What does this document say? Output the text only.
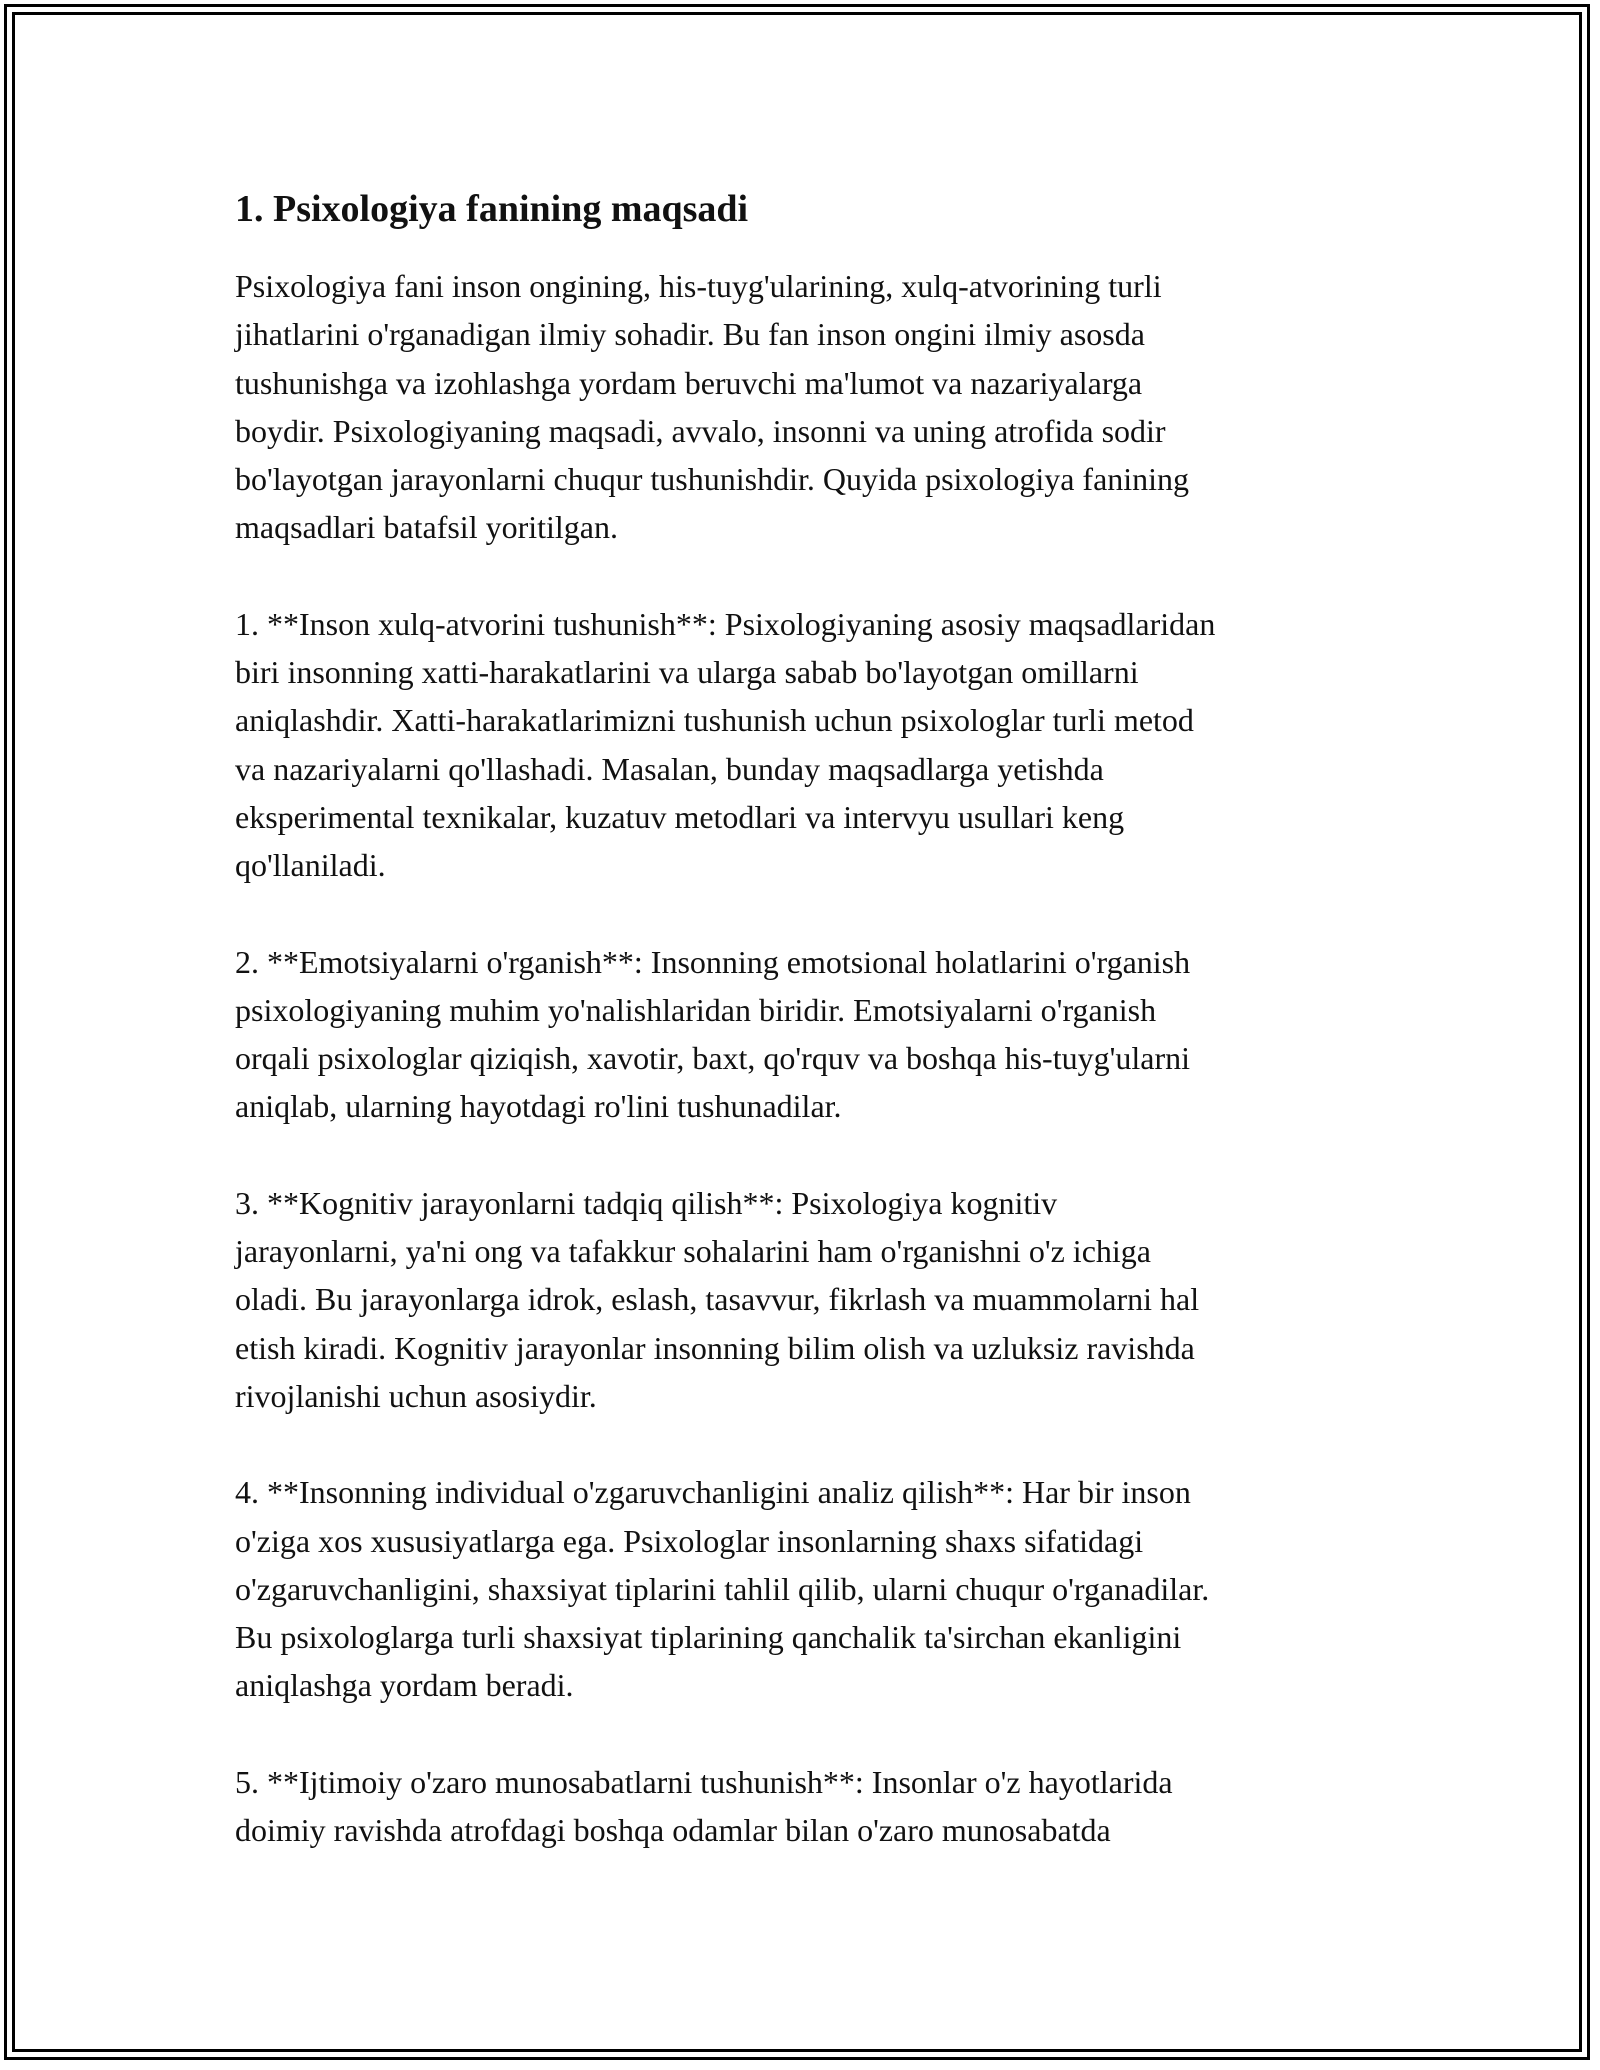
1. Psixologiya fanining maqsadi

Psixologiya fani inson ongining, his-tuyg'ularining, xulq-atvorining turli
jihatlarini o'rganadigan ilmiy sohadir. Bu fan inson ongini ilmiy asosda
tushunishga va izohlashga yordam beruvchi ma'lumot va nazariyalarga
boydir. Psixologiyaning maqsadi, avvalo, insonni va uning atrofida sodir
bo'layotgan jarayonlarni chuqur tushunishdir. Quyida psixologiya fanining
maqsadlari batafsil yoritilgan.

1. **Inson xulq-atvorini tushunish**: Psixologiyaning asosiy maqsadlaridan
biri insonning xatti-harakatlarini va ularga sabab bo'layotgan omillarni
aniqlashdir. Xatti-harakatlarimizni tushunish uchun psixologlar turli metod
va nazariyalarni qo'llashadi. Masalan, bunday maqsadlarga yetishda
eksperimental texnikalar, kuzatuv metodlari va intervyu usullari keng
qo'llaniladi.

2. **Emotsiyalarni o'rganish**: Insonning emotsional holatlarini o'rganish
psixologiyaning muhim yo'nalishlaridan biridir. Emotsiyalarni o'rganish
orqali psixologlar qiziqish, xavotir, baxt, qo'rquv va boshqa his-tuyg'ularni
aniqlab, ularning hayotdagi ro'lini tushunadilar.

3. **Kognitiv jarayonlarni tadqiq qilish**: Psixologiya kognitiv
jarayonlarni, ya'ni ong va tafakkur sohalarini ham o'rganishni o'z ichiga
oladi. Bu jarayonlarga idrok, eslash, tasavvur, fikrlash va muammolarni hal
etish kiradi. Kognitiv jarayonlar insonning bilim olish va uzluksiz ravishda
rivojlanishi uchun asosiydir.

4. **Insonning individual o'zgaruvchanligini analiz qilish**: Har bir inson
o'ziga xos xususiyatlarga ega. Psixologlar insonlarning shaxs sifatidagi
o'zgaruvchanligini, shaxsiyat tiplarini tahlil qilib, ularni chuqur o'rganadilar.
Bu psixologlarga turli shaxsiyat tiplarining qanchalik ta'sirchan ekanligini
aniqlashga yordam beradi.

5. **Ijtimoiy o'zaro munosabatlarni tushunish**: Insonlar o'z hayotlarida
doimiy ravishda atrofdagi boshqa odamlar bilan o'zaro munosabatda
